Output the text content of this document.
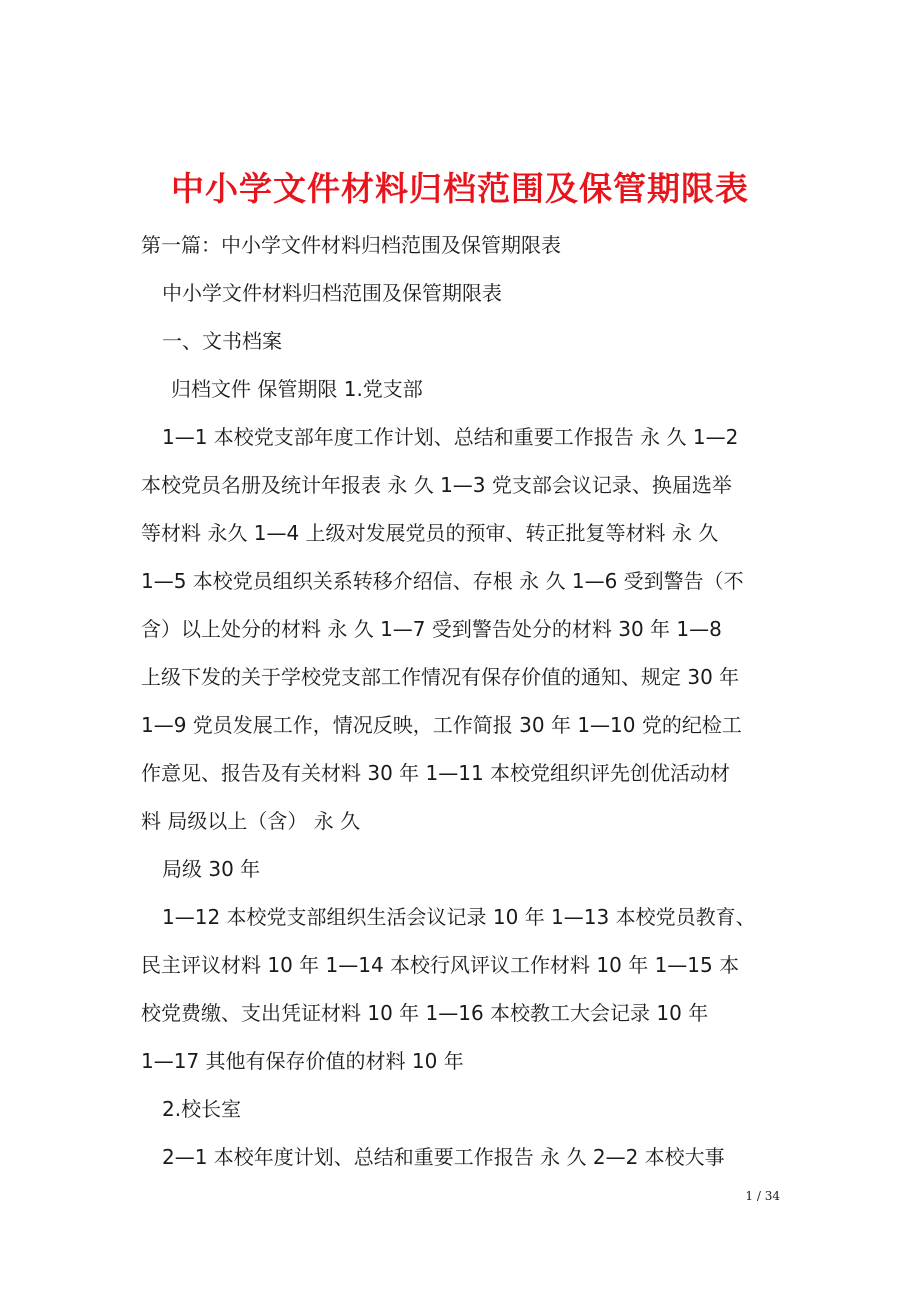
中小学文件材料归档范围及保管期限表
第一篇：中小学文件材料归档范围及保管期限表
中小学文件材料归档范围及保管期限表
一、文书档案
归档文件 保管期限 1.党支部
1—1 本校党支部年度工作计划、总结和重要工作报告 永 久 1—2
本校党员名册及统计年报表 永 久 1—3 党支部会议记录、换届选举
等材料 永久 1—4 上级对发展党员的预审、转正批复等材料 永 久
1—5 本校党员组织关系转移介绍信、存根 永 久 1—6 受到警告（不
含）以上处分的材料 永 久 1—7 受到警告处分的材料 30 年 1—8
上级下发的关于学校党支部工作情况有保存价值的通知、规定 30 年
1—9 党员发展工作，情况反映，工作简报 30 年 1—10 党的纪检工
作意见、报告及有关材料 30 年 1—11 本校党组织评先创优活动材
料 局级以上（含） 永 久
局级 30 年
1—12 本校党支部组织生活会议记录 10 年 1—13 本校党员教育、
民主评议材料 10 年 1—14 本校行风评议工作材料 10 年 1—15 本
校党费缴、支出凭证材料 10 年 1—16 本校教工大会记录 10 年
1—17 其他有保存价值的材料 10 年
2.校长室
2—1 本校年度计划、总结和重要工作报告 永 久 2—2 本校大事
1 / 34
